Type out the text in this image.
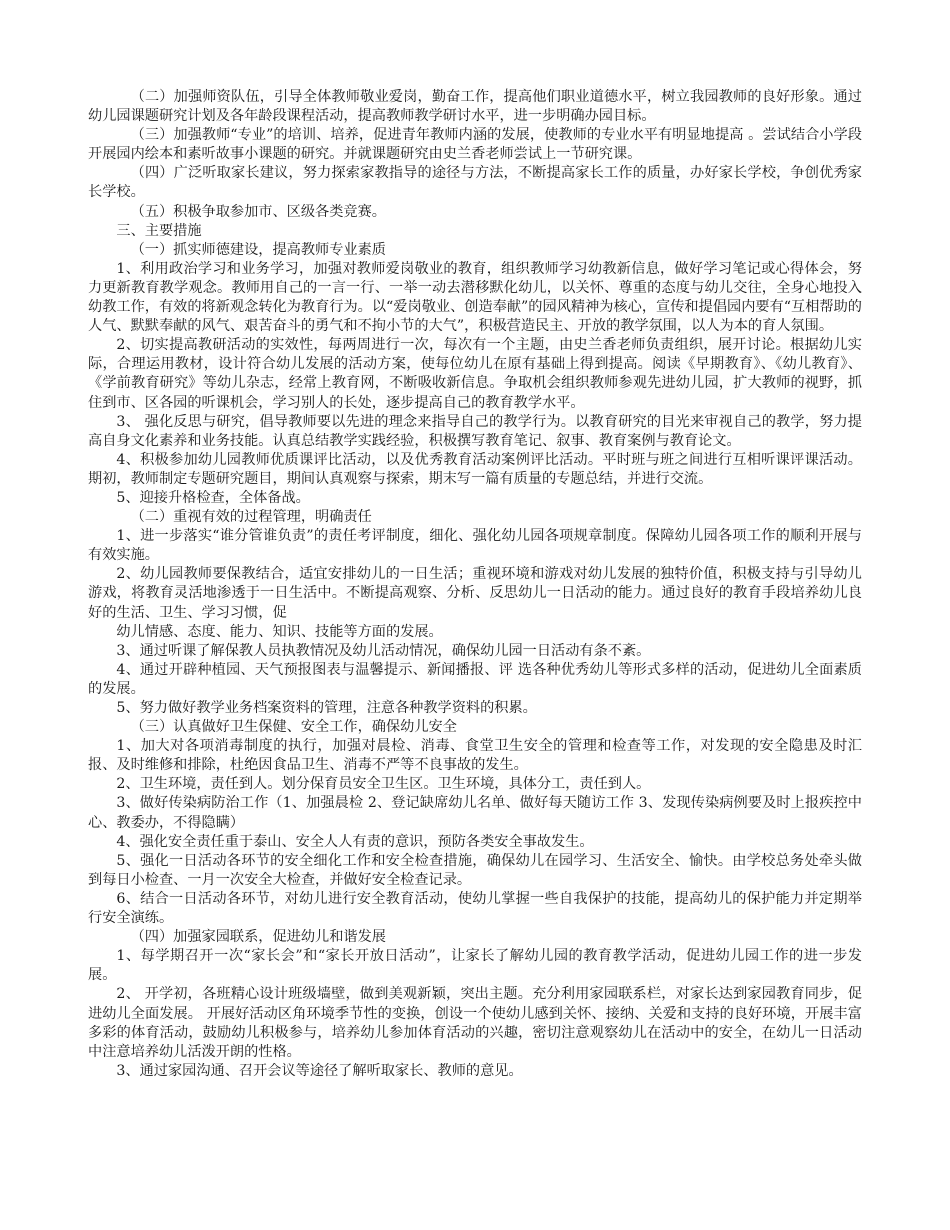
（二）加强师资队伍，引导全体教师敬业爱岗，勤奋工作，提高他们职业道德水平，树立我园教师的良好形象。通过幼儿园课题研究计划及各年龄段课程活动，提高教师教学研讨水平，进一步明确办园目标。

（三）加强教师“专业”的培训、培养，促进青年教师内涵的发展，使教师的专业水平有明显地提高 。尝试结合小学段开展园内绘本和素听故事小课题的研究。并就课题研究由史兰香老师尝试上一节研究课。

（四）广泛听取家长建议，努力探索家教指导的途径与方法，不断提高家长工作的质量，办好家长学校，争创优秀家长学校。

（五）积极争取参加市、区级各类竞赛。

三、主要措施

（一）抓实师德建设，提高教师专业素质

1、利用政治学习和业务学习，加强对教师爱岗敬业的教育，组织教师学习幼教新信息，做好学习笔记或心得体会，努力更新教育教学观念。教师用自己的一言一行、一举一动去潜移默化幼儿，以关怀、尊重的态度与幼儿交往，全身心地投入幼教工作，有效的将新观念转化为教育行为。以“爱岗敬业、创造奉献”的园风精神为核心，宣传和提倡园内要有“互相帮助的人气、默默奉献的风气、艰苦奋斗的勇气和不拘小节的大气”，积极营造民主、开放的教学氛围，以人为本的育人氛围。

2、切实提高教研活动的实效性，每两周进行一次，每次有一个主题，由史兰香老师负责组织，展开讨论。根据幼儿实际，合理运用教材，设计符合幼儿发展的活动方案，使每位幼儿在原有基础上得到提高。阅读《早期教育》、《幼儿教育》、《学前教育研究》等幼儿杂志，经常上教育网，不断吸收新信息。争取机会组织教师参观先进幼儿园，扩大教师的视野，抓住到市、区各园的听课机会，学习别人的长处，逐步提高自己的教育教学水平。

3、 强化反思与研究，倡导教师要以先进的理念来指导自己的教学行为。以教育研究的目光来审视自己的教学，努力提高自身文化素养和业务技能。认真总结教学实践经验，积极撰写教育笔记、叙事、教育案例与教育论文。

4、积极参加幼儿园教师优质课评比活动，以及优秀教育活动案例评比活动。平时班与班之间进行互相听课评课活动。期初，教师制定专题研究题目，期间认真观察与探索，期末写一篇有质量的专题总结，并进行交流。

5、迎接升格检查，全体备战。

（二）重视有效的过程管理，明确责任

1、进一步落实“谁分管谁负责”的责任考评制度，细化、强化幼儿园各项规章制度。保障幼儿园各项工作的顺利开展与有效实施。

2、幼儿园教师要保教结合，适宜安排幼儿的一日生活；重视环境和游戏对幼儿发展的独特价值，积极支持与引导幼儿游戏，将教育灵活地渗透于一日生活中。不断提高观察、分析、反思幼儿一日活动的能力。通过良好的教育手段培养幼儿良好的生活、卫生、学习习惯，促

幼儿情感、态度、能力、知识、技能等方面的发展。

3、通过听课了解保教人员执教情况及幼儿活动情况，确保幼儿园一日活动有条不紊。

4、通过开辟种植园、天气预报图表与温馨提示、新闻播报、评 选各种优秀幼儿等形式多样的活动，促进幼儿全面素质的发展。

5、努力做好教学业务档案资料的管理，注意各种教学资料的积累。

（三）认真做好卫生保健、安全工作，确保幼儿安全

1、加大对各项消毒制度的执行，加强对晨检、消毒、食堂卫生安全的管理和检查等工作，对发现的安全隐患及时汇报、及时维修和排除，杜绝因食品卫生、消毒不严等不良事故的发生。

2、卫生环境，责任到人。划分保育员安全卫生区。卫生环境，具体分工，责任到人。

3、做好传染病防治工作（1、加强晨检 2、登记缺席幼儿名单、做好每天随访工作 3、发现传染病例要及时上报疾控中心、教委办，不得隐瞒）

4、强化安全责任重于泰山、安全人人有责的意识，预防各类安全事故发生。

5、强化一日活动各环节的安全细化工作和安全检查措施，确保幼儿在园学习、生活安全、愉快。由学校总务处牵头做到每日小检查、一月一次安全大检查，并做好安全检查记录。

6、结合一日活动各环节，对幼儿进行安全教育活动，使幼儿掌握一些自我保护的技能，提高幼儿的保护能力并定期举行安全演练。

（四）加强家园联系，促进幼儿和谐发展

1、每学期召开一次“家长会”和“家长开放日活动”，让家长了解幼儿园的教育教学活动，促进幼儿园工作的进一步发展。

2、 开学初，各班精心设计班级墙壁，做到美观新颖，突出主题。充分利用家园联系栏，对家长达到家园教育同步，促进幼儿全面发展。 开展好活动区角环境季节性的变换，创设一个使幼儿感到关怀、接纳、关爱和支持的良好环境，开展丰富多彩的体育活动，鼓励幼儿积极参与，培养幼儿参加体育活动的兴趣，密切注意观察幼儿在活动中的安全，在幼儿一日活动中注意培养幼儿活泼开朗的性格。

3、通过家园沟通、召开会议等途径了解听取家长、教师的意见。
